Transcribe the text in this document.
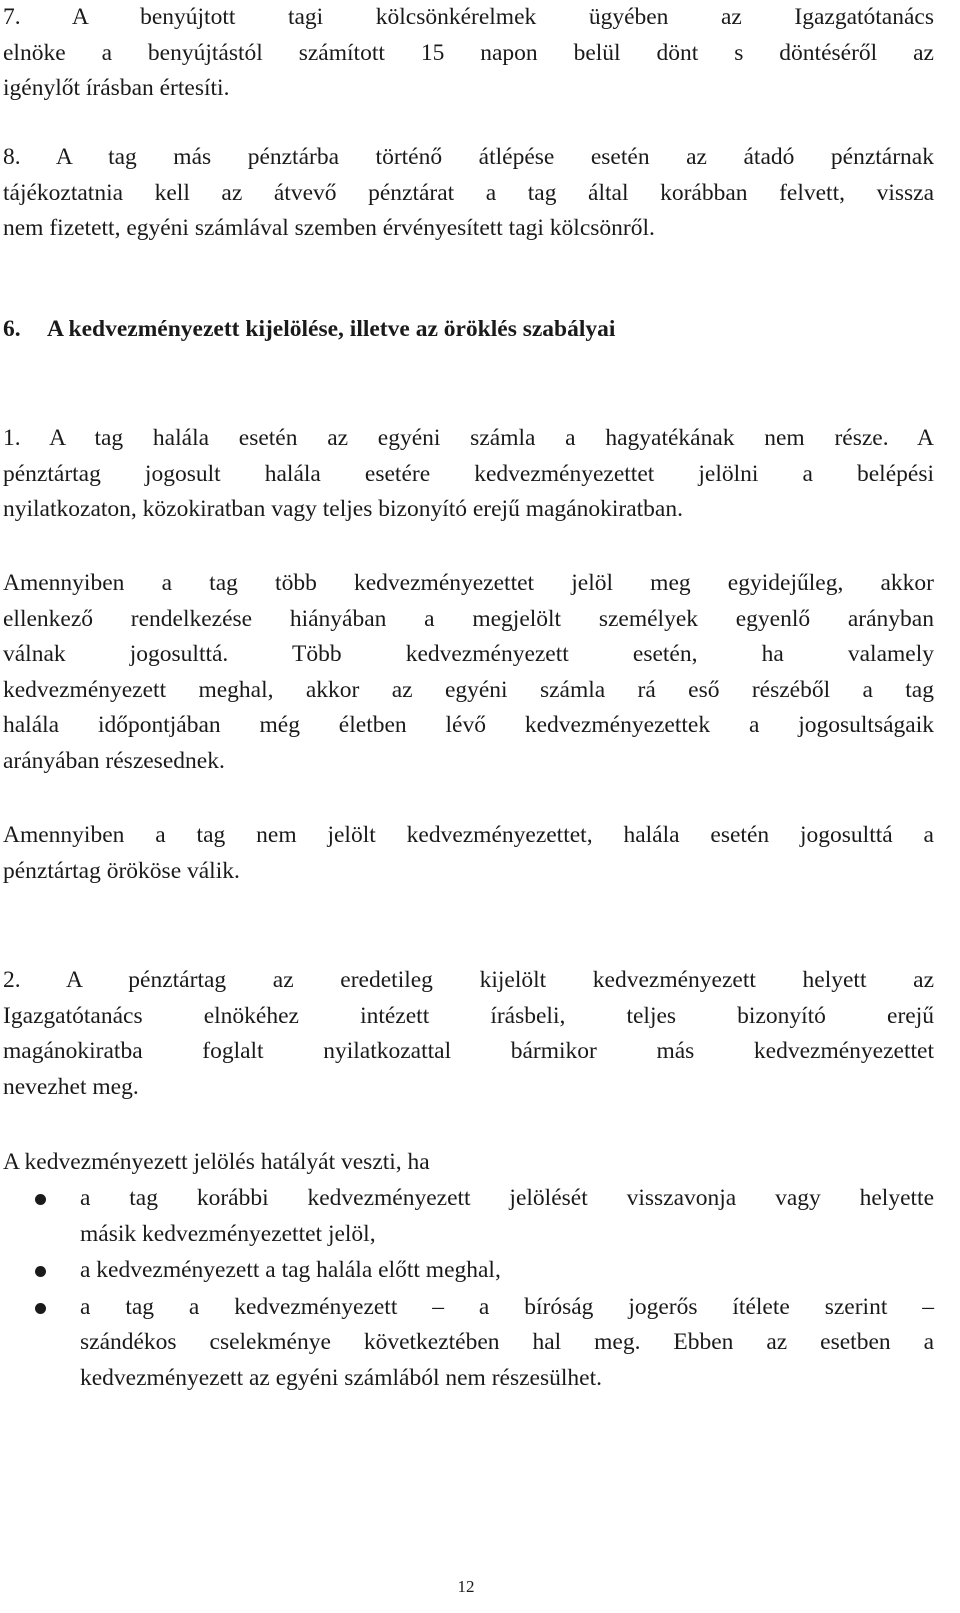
7. A benyújtott tagi kölcsönkérelmek ügyében az Igazgatótanács
elnöke a benyújtástól számított 15 napon belül dönt s döntéséről az
igénylőt írásban értesíti.
8. A tag más pénztárba történő átlépése esetén az átadó pénztárnak
tájékoztatnia kell az átvevő pénztárat a tag által korábban felvett, vissza
nem fizetett, egyéni számlával szemben érvényesített tagi kölcsönről.
6. A kedvezményezett kijelölése, illetve az öröklés szabályai
1. A tag halála esetén az egyéni számla a hagyatékának nem része. A
pénztártag jogosult halála esetére kedvezményezettet jelölni a belépési
nyilatkozaton, közokiratban vagy teljes bizonyító erejű magánokiratban.
Amennyiben a tag több kedvezményezettet jelöl meg egyidejűleg, akkor
ellenkező rendelkezése hiányában a megjelölt személyek egyenlő arányban
válnak jogosulttá. Több kedvezményezett esetén, ha valamely
kedvezményezett meghal, akkor az egyéni számla rá eső részéből a tag
halála időpontjában még életben lévő kedvezményezettek a jogosultságaik
arányában részesednek.
Amennyiben a tag nem jelölt kedvezményezettet, halála esetén jogosulttá a
pénztártag örököse válik.
2. A pénztártag az eredetileg kijelölt kedvezményezett helyett az
Igazgatótanács elnökéhez intézett írásbeli, teljes bizonyító erejű
magánokiratba foglalt nyilatkozattal bármikor más kedvezményezettet
nevezhet meg.
A kedvezményezett jelölés hatályát veszti, ha
a tag korábbi kedvezményezett jelölését visszavonja vagy helyette
másik kedvezményezettet jelöl,
a kedvezményezett a tag halála előtt meghal,
a tag a kedvezményezett – a bíróság jogerős ítélete szerint –
szándékos cselekménye következtében hal meg. Ebben az esetben a
kedvezményezett az egyéni számlából nem részesülhet.
12
